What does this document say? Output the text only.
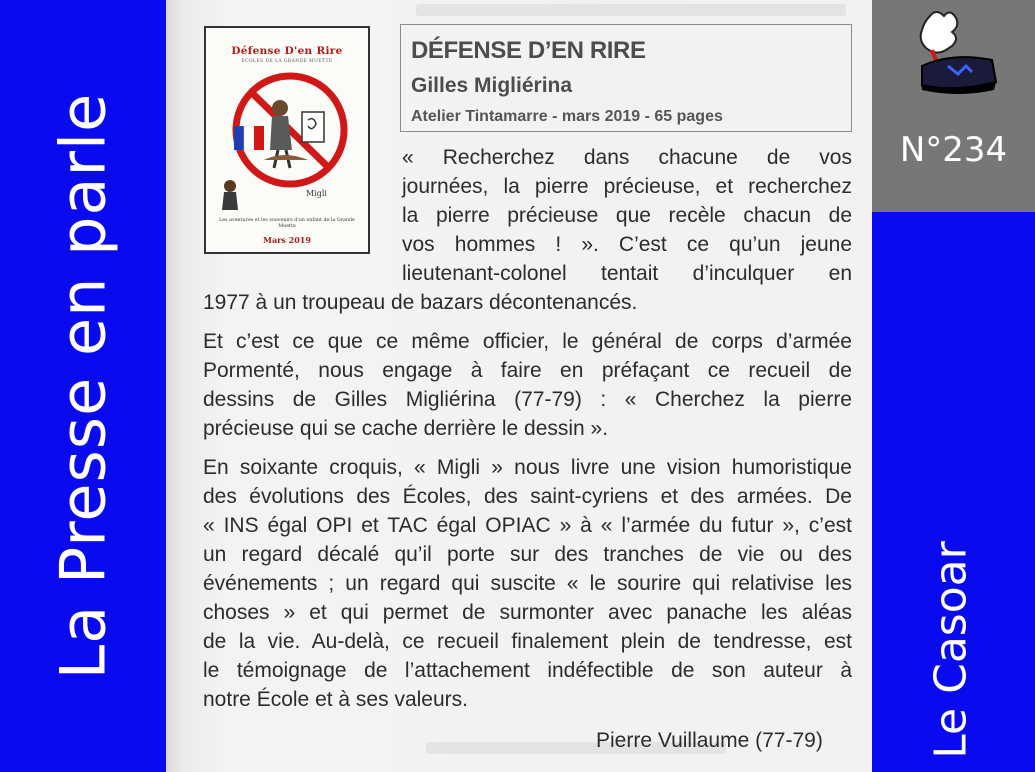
La Presse en parle
Défense D'en Rire
ÉCOLES DE LA GRANDE MUETTE
Migli
Les aventures et les souvenirs d'un enfant de la Grande Muette
Mars 2019
DÉFENSE D’EN RIRE
Gilles Migliérina
Atelier Tintamarre - mars 2019 - 65 pages
« Recherchez dans chacune de vos
journées, la pierre précieuse, et recherchez
la pierre précieuse que recèle chacun de
vos hommes ! ». C’est ce qu’un jeune
lieutenant-colonel tentait d’inculquer en
1977 à un troupeau de bazars décontenancés.
Et c’est ce que ce même officier, le général de corps d’armée
Pormenté, nous engage à faire en préfaçant ce recueil de
dessins de Gilles Migliérina (77-79) : « Cherchez la pierre
précieuse qui se cache derrière le dessin ».
En soixante croquis, « Migli » nous livre une vision humoristique
des évolutions des Écoles, des saint-cyriens et des armées. De
« INS égal OPI et TAC égal OPIAC » à « l’armée du futur », c’est
un regard décalé qu’il porte sur des tranches de vie ou des
événements ; un regard qui suscite « le sourire qui relativise les
choses » et qui permet de surmonter avec panache les aléas
de la vie. Au-delà, ce recueil finalement plein de tendresse, est
le témoignage de l’attachement indéfectible de son auteur à
notre École et à ses valeurs.
Pierre Vuillaume (77-79)
N°234
Le Casoar
